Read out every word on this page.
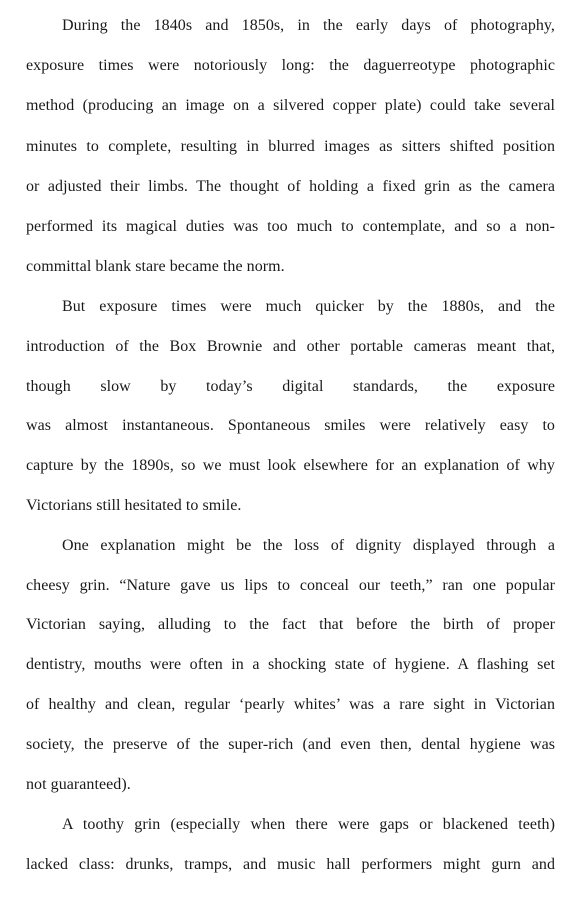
During the 1840s and 1850s, in the early days of photography,
exposure times were notoriously long: the daguerreotype photographic
method (producing an image on a silvered copper plate) could take several
minutes to complete, resulting in blurred images as sitters shifted position
or adjusted their limbs. The thought of holding a fixed grin as the camera
performed its magical duties was too much to contemplate, and so a non-
committal blank stare became the norm.
But exposure times were much quicker by the 1880s, and the
introduction of the Box Brownie and other portable cameras meant that,
though slow by today’s digital standards, the exposure
was almost instantaneous. Spontaneous smiles were relatively easy to
capture by the 1890s, so we must look elsewhere for an explanation of why
Victorians still hesitated to smile.
One explanation might be the loss of dignity displayed through a
cheesy grin. “Nature gave us lips to conceal our teeth,” ran one popular
Victorian saying, alluding to the fact that before the birth of proper
dentistry, mouths were often in a shocking state of hygiene. A flashing set
of healthy and clean, regular ‘pearly whites’ was a rare sight in Victorian
society, the preserve of the super-rich (and even then, dental hygiene was
not guaranteed).
A toothy grin (especially when there were gaps or blackened teeth)
lacked class: drunks, tramps, and music hall performers might gurn and
